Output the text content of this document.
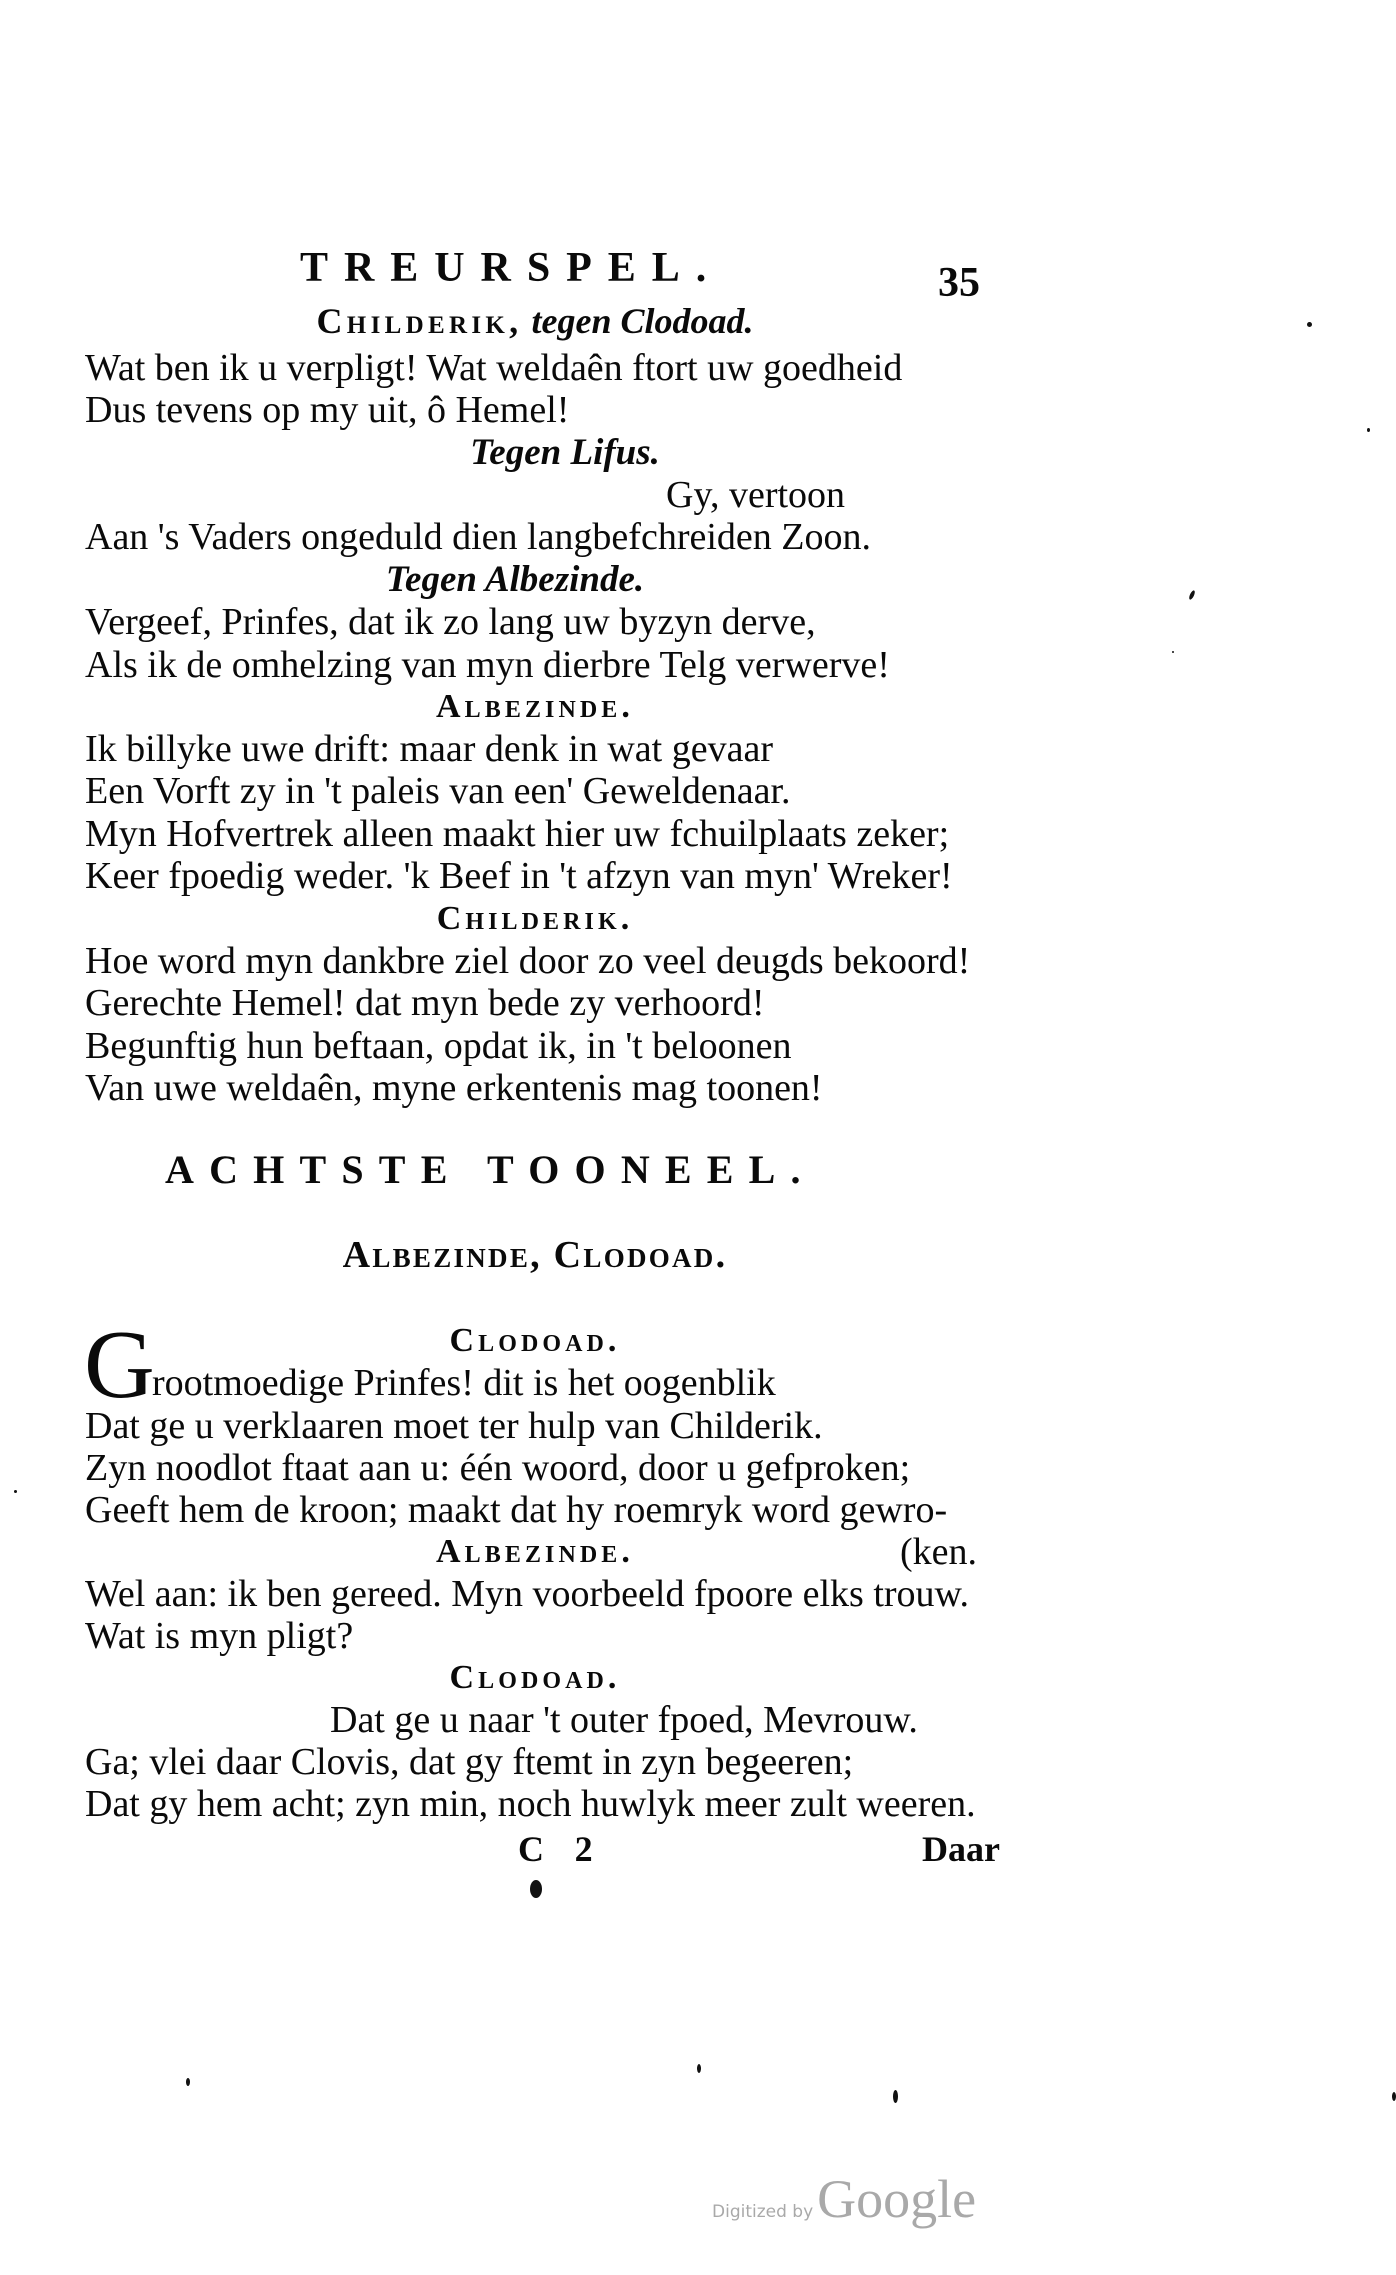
TREURSPEL.	35
Childerik, tegen Clodoad.
Wat ben ik u verpligt! Wat weldaên ftort uw goedheid
Dus tevens op my uit, ô Hemel!
Tegen Lifus.
Gy, vertoon
Aan 's Vaders ongeduld dien langbefchreiden Zoon.
Tegen Albezinde.
Vergeef, Prinfes, dat ik zo lang uw byzyn derve,
Als ik de omhelzing van myn dierbre Telg verwerve!
Albezinde.
Ik billyke uwe drift: maar denk in wat gevaar
Een Vorft zy in 't paleis van een' Geweldenaar.
Myn Hofvertrek alleen maakt hier uw fchuilplaats zeker;
Keer fpoedig weder. 'k Beef in 't afzyn van myn' Wreker!
Childerik.
Hoe word myn dankbre ziel door zo veel deugds bekoord!
Gerechte Hemel! dat myn bede zy verhoord!
Begunftig hun beftaan, opdat ik, in 't beloonen
Van uwe weldaên, myne erkentenis mag toonen!
ACHTSTE TOONEEL.
Albezinde, Clodoad.
Clodoad.
G
rootmoedige Prinfes! dit is het oogenblik
Dat ge u verklaaren moet ter hulp van Childerik.
Zyn noodlot ftaat aan u: één woord, door u gefproken;
Geeft hem de kroon; maakt dat hy roemryk word gewro-
Albezinde.	(ken.
Wel aan: ik ben gereed. Myn voorbeeld fpoore elks trouw.
Wat is myn pligt?
Clodoad.
Dat ge u naar 't outer fpoed, Mevrouw.
Ga; vlei daar Clovis, dat gy ftemt in zyn begeeren;
Dat gy hem acht; zyn min, noch huwlyk meer zult weeren.
C 2	Daar
Digitized by Google
